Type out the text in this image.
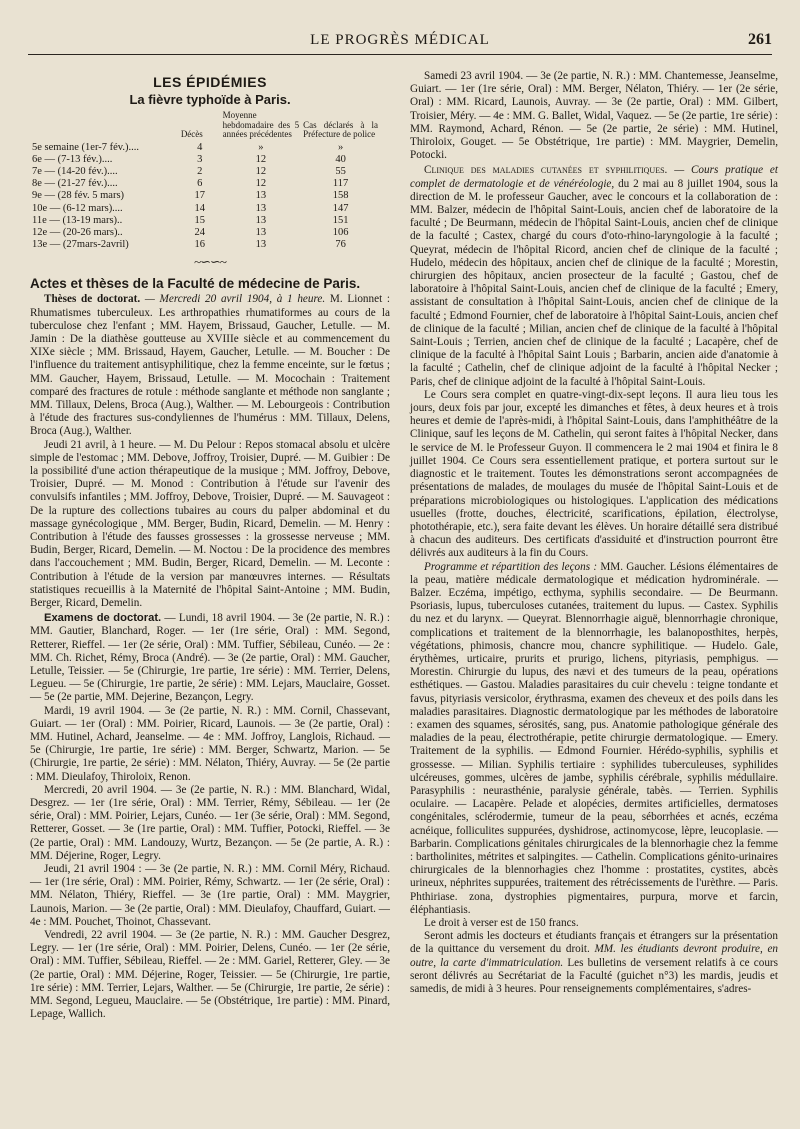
LE PROGRÈS MÉDICAL	261
LES ÉPIDÉMIES
La fièvre typhoïde à Paris.
	Décès	Moyenne hebdomadaire des 5 années précédentes	Cas déclarés à la Préfecture de police
5e semaine (1er-7 fév.)....	4	»	»
6e — (7-13 fév.)....	3	12	40
7e — (14-20 fév.)....	2	12	55
8e — (21-27 fév.)....	6	12	117
9e — (28 fév. 5 mars)	17	13	158
10e — (6-12 mars)....	14	13	147
11e — (13-19 mars)..	15	13	151
12e — (20-26 mars)..	24	13	106
13e — (27mars-2avril)	16	13	76
~∽∽~
Actes et thèses de la Faculté de médecine de Paris.

Thèses de doctorat. — Mercredi 20 avril 1904, à 1 heure. M. Lionnet : Rhumatismes tuberculeux. Les arthropathies rhumatiformes au cours de la tuberculose chez l'enfant ; MM. Hayem, Brissaud, Gaucher, Letulle. — M. Jamin : De la diathèse goutteuse au XVIIIe siècle et au commencement du XIXe siècle ; MM. Brissaud, Hayem, Gaucher, Letulle. — M. Boucher : De l'influence du traitement antisyphilitique, chez la femme enceinte, sur le fœtus ; MM. Gaucher, Hayem, Brissaud, Letulle. — M. Mocochain : Traitement comparé des fractures de rotule : méthode sanglante et méthode non sanglante ; MM. Tillaux, Delens, Broca (Aug.), Walther. — M. Lebourgeois : Contribution à l'étude des fractures sus-condyliennes de l'humérus : MM. Tillaux, Delens, Broca (Aug.), Walther.

Jeudi 21 avril, à 1 heure. — M. Du Pelour : Repos stomacal absolu et ulcère simple de l'estomac ; MM. Debove, Joffroy, Troisier, Dupré. — M. Guibier : De la possibilité d'une action thérapeutique de la musique ; MM. Joffroy, Debove, Troisier, Dupré. — M. Monod : Contribution à l'étude sur l'avenir des convulsifs infantiles ; MM. Joffroy, Debove, Troisier, Dupré. — M. Sauvageot : De la rupture des collections tubaires au cours du palper abdominal et du massage gynécologique , MM. Berger, Budin, Ricard, Demelin. — M. Henry : Contribution à l'étude des fausses grossesses : la grossesse nerveuse ; MM. Budin, Berger, Ricard, Demelin. — M. Noctou : De la procidence des membres dans l'accouchement ; MM. Budin, Berger, Ricard, Demelin. — M. Leconte : Contribution à l'étude de la version par manœuvres internes. — Résultats statistiques recueillis à la Maternité de l'hôpital Saint-Antoine ; MM. Budin, Berger, Ricard, Demelin.

Examens de doctorat. — Lundi, 18 avril 1904. — 3e (2e partie, N. R.) : MM. Gautier, Blanchard, Roger. — 1er (1re série, Oral) : MM. Segond, Retterer, Rieffel. — 1er (2e série, Oral) : MM. Tuffier, Sébileau, Cunéo. — 2e : MM. Ch. Richet, Rémy, Broca (André). — 3e (2e partie, Oral) : MM. Gaucher, Letulle, Teissier. — 5e (Chirurgie, 1re partie, 1re série) : MM. Terrier, Delens, Legueu. — 5e (Chirurgie, 1re partie, 2e série) : MM. Lejars, Mauclaire, Gosset. — 5e (2e partie, MM. Dejerine, Bezançon, Legry.

Mardi, 19 avril 1904. — 3e (2e partie, N. R.) : MM. Cornil, Chassevant, Guiart. — 1er (Oral) : MM. Poirier, Ricard, Launois. — 3e (2e partie, Oral) : MM. Hutinel, Achard, Jeanselme. — 4e : MM. Joffroy, Langlois, Richaud. — 5e (Chirurgie, 1re partie, 1re série) : MM. Berger, Schwartz, Marion. — 5e (Chirurgie, 1re partie, 2e série) : MM. Nélaton, Thiéry, Auvray. — 5e (2e partie : MM. Dieulafoy, Thiroloix, Renon.

Mercredi, 20 avril 1904. — 3e (2e partie, N. R.) : MM. Blanchard, Widal, Desgrez. — 1er (1re série, Oral) : MM. Terrier, Rémy, Sébileau. — 1er (2e série, Oral) : MM. Poirier, Lejars, Cunéo. — 1er (3e série, Oral) : MM. Segond, Retterer, Gosset. — 3e (1re partie, Oral) : MM. Tuffier, Potocki, Rieffel. — 3e (2e partie, Oral) : MM. Landouzy, Wurtz, Bezançon. — 5e (2e partie, A. R.) : MM. Déjerine, Roger, Legry.

Jeudi, 21 avril 1904 : — 3e (2e partie, N. R.) : MM. Cornil Méry, Richaud. — 1er (1re série, Oral) : MM. Poirier, Rémy, Schwartz. — 1er (2e série, Oral) : MM. Nélaton, Thiéry, Rieffel. — 3e (1re partie, Oral) : MM. Maygrier, Launois, Marion. — 3e (2e partie, Oral) : MM. Dieulafoy, Chauffard, Guiart. — 4e : MM. Pouchet, Thoinot, Chassevant.

Vendredi, 22 avril 1904. — 3e (2e partie, N. R.) : MM. Gaucher Desgrez, Legry. — 1er (1re série, Oral) : MM. Poirier, Delens, Cunéo. — 1er (2e série, Oral) : MM. Tuffier, Sébileau, Rieffel. — 2e : MM. Gariel, Retterer, Gley. — 3e (2e partie, Oral) : MM. Déjerine, Roger, Teissier. — 5e (Chirurgie, 1re partie, 1re série) : MM. Terrier, Lejars, Walther. — 5e (Chirurgie, 1re partie, 2e série) : MM. Segond, Legueu, Mauclaire. — 5e (Obstétrique, 1re partie) : MM. Pinard, Lepage, Wallich.

Samedi 23 avril 1904. — 3e (2e partie, N. R.) : MM. Chantemesse, Jeanselme, Guiart. — 1er (1re série, Oral) : MM. Berger, Nélaton, Thiéry. — 1er (2e série, Oral) : MM. Ricard, Launois, Auvray. — 3e (2e partie, Oral) : MM. Gilbert, Troisier, Méry. — 4e : MM. G. Ballet, Widal, Vaquez. — 5e (2e partie, 1re série) : MM. Raymond, Achard, Rénon. — 5e (2e partie, 2e série) : MM. Hutinel, Thiroloix, Gouget. — 5e Obstétrique, 1re partie) : MM. Maygrier, Demelin, Potocki.

Clinique des maladies cutanées et syphilitiques. — Cours pratique et complet de dermatologie et de vénéréologie, du 2 mai au 8 juillet 1904, sous la direction de M. le professeur Gaucher, avec le concours et la collaboration de : MM. Balzer, médecin de l'hôpital Saint-Louis, ancien chef de laboratoire de la faculté ; De Beurmann, médecin de l'hôpital Saint-Louis, ancien chef de clinique de la faculté ; Castex, chargé du cours d'oto-rhino-laryngologie à la faculté ; Queyrat, médecin de l'hôpital Ricord, ancien chef de clinique de la faculté ; Hudelo, médecin des hôpitaux, ancien chef de clinique de la faculté ; Morestin, chirurgien des hôpitaux, ancien prosecteur de la faculté ; Gastou, chef de laboratoire à l'hôpital Saint-Louis, ancien chef de clinique de la faculté ; Emery, assistant de consultation à l'hôpital Saint-Louis, ancien chef de clinique de la faculté ; Edmond Fournier, chef de laboratoire à l'hôpital Saint-Louis, ancien chef de clinique de la faculté ; Milian, ancien chef de clinique de la faculté à l'hôpital Saint-Louis ; Terrien, ancien chef de clinique de la faculté ; Lacapère, chef de clinique de la faculté à l'hôpital Saint Louis ; Barbarin, ancien aide d'anatomie à la faculté ; Cathelin, chef de clinique adjoint de la faculté à l'hôpital Necker ; Paris, chef de clinique adjoint de la faculté à l'hôpital Saint-Louis.

Le Cours sera complet en quatre-vingt-dix-sept leçons. Il aura lieu tous les jours, deux fois par jour, excepté les dimanches et fêtes, à deux heures et à trois heures et demie de l'après-midi, à l'hôpital Saint-Louis, dans l'amphithéâtre de la Clinique, sauf les leçons de M. Cathelin, qui seront faites à l'hôpital Necker, dans le service de M. le Professeur Guyon. Il commencera le 2 mai 1904 et finira le 8 juillet 1904. Ce Cours sera essentiellement pratique, et portera surtout sur le diagnostic et le traitement. Toutes les démonstrations seront accompagnées de présentations de malades, de moulages du musée de l'hôpital Saint-Louis et de préparations microbiologiques ou histologiques. L'application des médications usuelles (frotte, douches, électricité, scarifications, épilation, électrolyse, photothérapie, etc.), sera faite devant les élèves. Un horaire détaillé sera distribué à chacun des auditeurs. Des certificats d'assiduité et d'instruction pourront être délivrés aux auditeurs à la fin du Cours.

Programme et répartition des leçons : MM. Gaucher. Lésions élémentaires de la peau, matière médicale dermatologique et médication hydrominérale. — Balzer. Eczéma, impétigo, ecthyma, syphilis secondaire. — De Beurmann. Psoriasis, lupus, tuberculoses cutanées, traitement du lupus. — Castex. Syphilis du nez et du larynx. — Queyrat. Blennorrhagie aiguë, blennorrhagie chronique, complications et traitement de la blennorrhagie, les balanoposthites, herpès, végétations, phimosis, chancre mou, chancre syphilitique. — Hudelo. Gale, érythèmes, urticaire, prurits et prurigo, lichens, pityriasis, pemphigus. — Morestin. Chirurgie du lupus, des nævi et des tumeurs de la peau, opérations esthétiques. — Gastou. Maladies parasitaires du cuir chevelu : teigne tondante et favus, pityriasis versicolor, érythrasma, examen des cheveux et des poils dans les maladies parasitaires. Diagnostic dermatologique par les méthodes de laboratoire : examen des squames, sérosités, sang, pus. Anatomie pathologique générale des maladies de la peau, électrothérapie, petite chirurgie dermatologique. — Emery. Traitement de la syphilis. — Edmond Fournier. Hérédo-syphilis, syphilis et grossesse. — Milian. Syphilis tertiaire : syphilides tuberculeuses, syphilides ulcéreuses, gommes, ulcères de jambe, syphilis cérébrale, syphilis médullaire. Parasyphilis : neurasthénie, paralysie générale, tabès. — Terrien. Syphilis oculaire. — Lacapère. Pelade et alopécies, dermites artificielles, dermatoses congénitales, sclérodermie, tumeur de la peau, séborrhées et acnés, eczéma acnéique, folliculites suppurées, dyshidrose, actinomycose, lèpre, leucoplasie. — Barbarin. Complications génitales chirurgicales de la blennorhagie chez la femme : bartholinites, métrites et salpingites. — Cathelin. Complications génito-urinaires chirurgicales de la blennorhagies chez l'homme : prostatites, cystites, abcès urineux, néphrites suppurées, traitement des rétrécissements de l'urèthre. — Paris. Phthiriase. zona, dystrophies pigmentaires, purpura, morve et farcin, éléphantiasis.

Le droit à verser est de 150 francs.

Seront admis les docteurs et étudiants français et étrangers sur la présentation de la quittance du versement du droit. MM. les étudiants devront produire, en outre, la carte d'immatriculation. Les bulletins de versement relatifs à ce cours seront délivrés au Secrétariat de la Faculté (guichet n°3) les mardis, jeudis et samedis, de midi à 3 heures. Pour renseignements complémentaires, s'adres-
